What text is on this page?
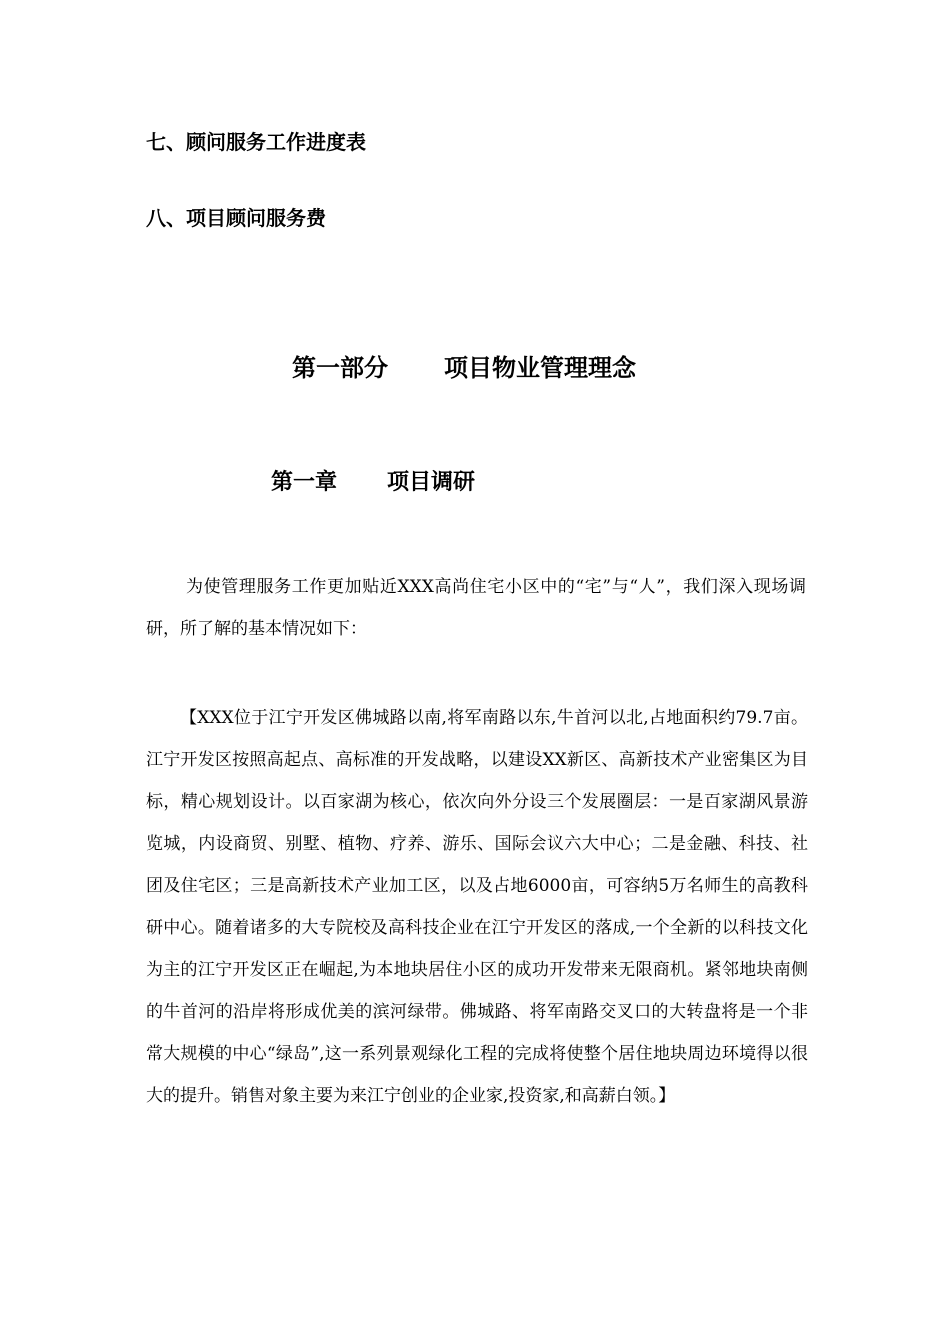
七、顾问服务工作进度表
八、项目顾问服务费
第一部分 项目物业管理理念
第一章 项目调研

为使管理服务工作更加贴近XXX高尚住宅小区中的“宅”与“人”，我们深入现场调研，所了解的基本情况如下：

【XXX位于江宁开发区佛城路以南,将军南路以东,牛首河以北,占地面积约79.7亩。江宁开发区按照高起点、高标准的开发战略，以建设XX新区、高新技术产业密集区为目标，精心规划设计。以百家湖为核心，依次向外分设三个发展圈层：一是百家湖风景游览城，内设商贸、别墅、植物、疗养、游乐、国际会议六大中心；二是金融、科技、社团及住宅区；三是高新技术产业加工区，以及占地6000亩，可容纳5万名师生的高教科研中心。随着诸多的大专院校及高科技企业在江宁开发区的落成,一个全新的以科技文化为主的江宁开发区正在崛起,为本地块居住小区的成功开发带来无限商机。紧邻地块南侧的牛首河的沿岸将形成优美的滨河绿带。佛城路、将军南路交叉口的大转盘将是一个非常大规模的中心“绿岛”,这一系列景观绿化工程的完成将使整个居住地块周边环境得以很大的提升。销售对象主要为来江宁创业的企业家,投资家,和高薪白领。】
